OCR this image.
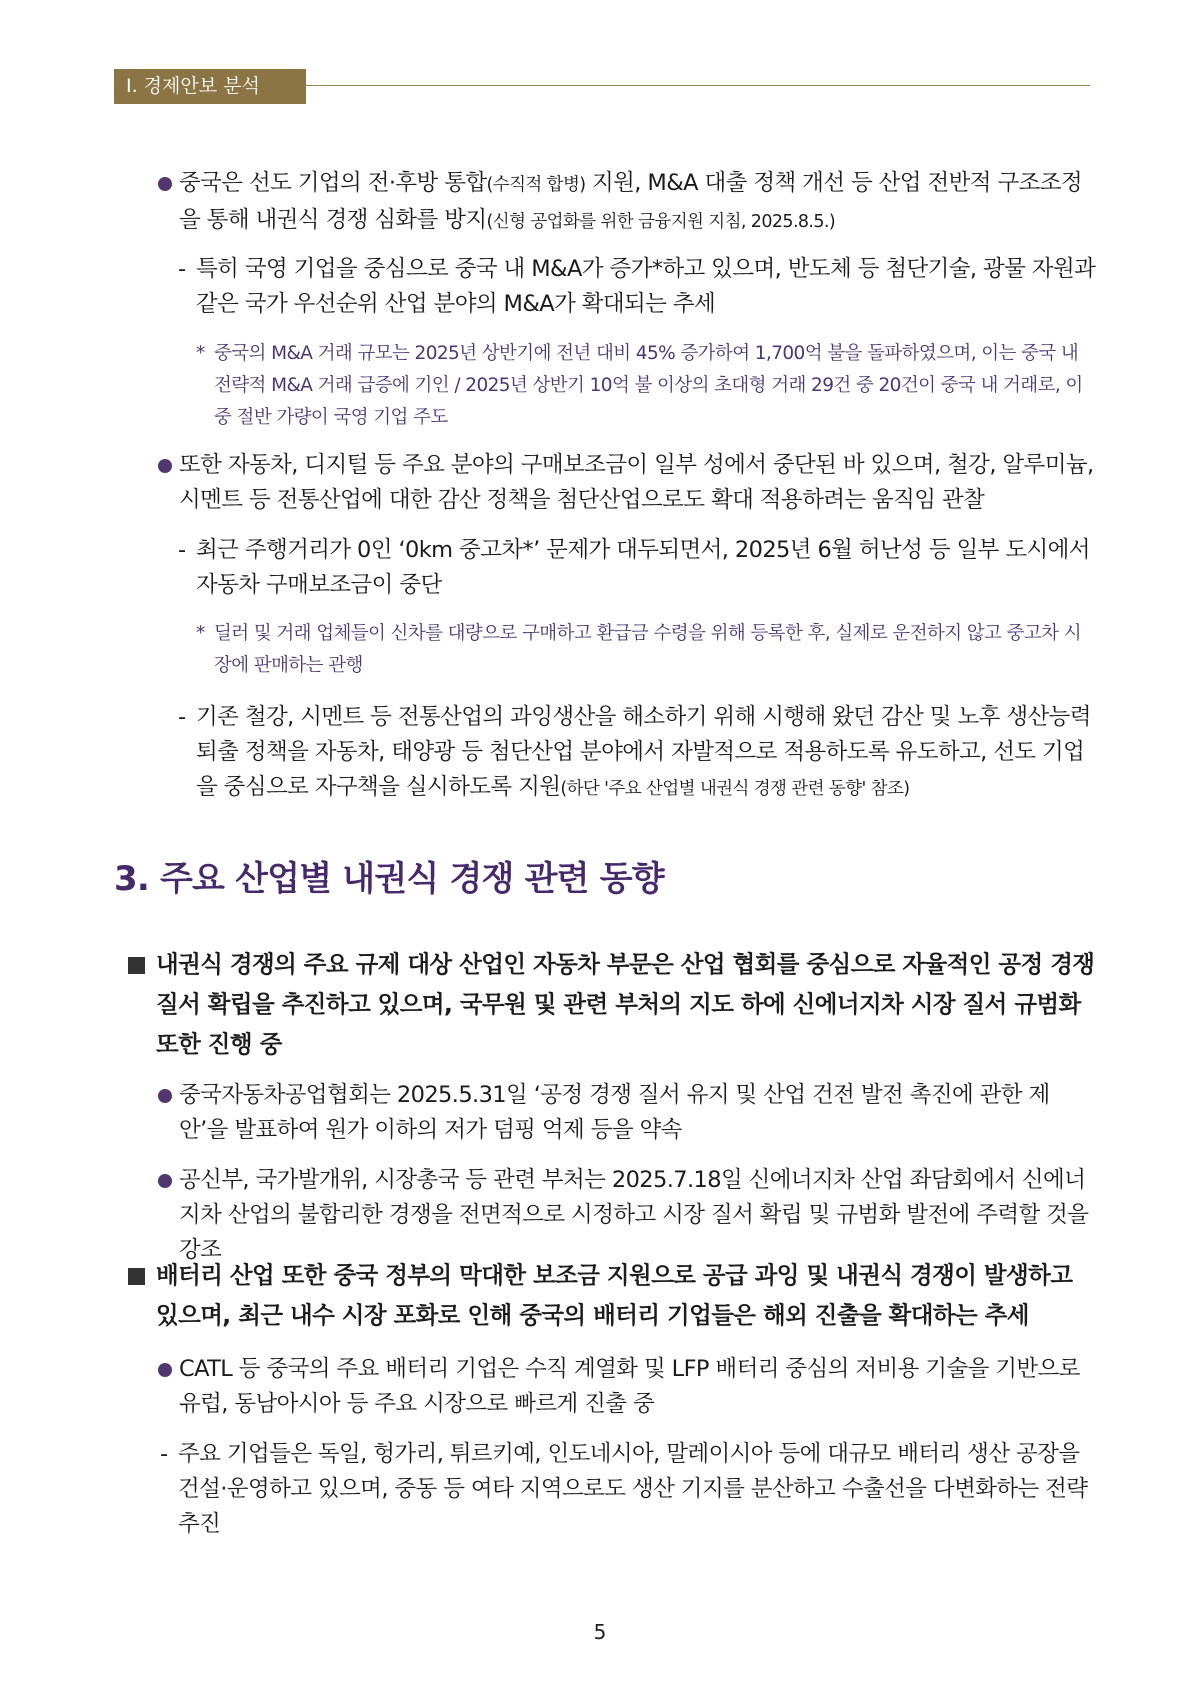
Ⅰ. 경제안보 분석
중국은 선도 기업의 전·후방 통합(수직적 합병) 지원, M&A 대출 정책 개선 등 산업 전반적 구조조정을 통해 내권식 경쟁 심화를 방지(신형 공업화를 위한 금융지원 지침, 2025.8.5.)
- 특히 국영 기업을 중심으로 중국 내 M&A가 증가*하고 있으며, 반도체 등 첨단기술, 광물 자원과 같은 국가 우선순위 산업 분야의 M&A가 확대되는 추세
* 중국의 M&A 거래 규모는 2025년 상반기에 전년 대비 45% 증가하여 1,700억 불을 돌파하였으며, 이는 중국 내 전략적 M&A 거래 급증에 기인 / 2025년 상반기 10억 불 이상의 초대형 거래 29건 중 20건이 중국 내 거래로, 이중 절반 가량이 국영 기업 주도
또한 자동차, 디지털 등 주요 분야의 구매보조금이 일부 성에서 중단된 바 있으며, 철강, 알루미늄, 시멘트 등 전통산업에 대한 감산 정책을 첨단산업으로도 확대 적용하려는 움직임 관찰
- 최근 주행거리가 0인 ‘0km 중고차*’ 문제가 대두되면서, 2025년 6월 허난성 등 일부 도시에서 자동차 구매보조금이 중단
* 딜러 및 거래 업체들이 신차를 대량으로 구매하고 환급금 수령을 위해 등록한 후, 실제로 운전하지 않고 중고차 시장에 판매하는 관행
- 기존 철강, 시멘트 등 전통산업의 과잉생산을 해소하기 위해 시행해 왔던 감산 및 노후 생산능력 퇴출 정책을 자동차, 태양광 등 첨단산업 분야에서 자발적으로 적용하도록 유도하고, 선도 기업을 중심으로 자구책을 실시하도록 지원(하단 '주요 산업별 내권식 경쟁 관련 동향' 참조)
3. 주요 산업별 내권식 경쟁 관련 동향
내권식 경쟁의 주요 규제 대상 산업인 자동차 부문은 산업 협회를 중심으로 자율적인 공정 경쟁 질서 확립을 추진하고 있으며, 국무원 및 관련 부처의 지도 하에 신에너지차 시장 질서 규범화 또한 진행 중
중국자동차공업협회는 2025.5.31일 ‘공정 경쟁 질서 유지 및 산업 건전 발전 촉진에 관한 제안’을 발표하여 원가 이하의 저가 덤핑 억제 등을 약속
공신부, 국가발개위, 시장총국 등 관련 부처는 2025.7.18일 신에너지차 산업 좌담회에서 신에너지차 산업의 불합리한 경쟁을 전면적으로 시정하고 시장 질서 확립 및 규범화 발전에 주력할 것을 강조
배터리 산업 또한 중국 정부의 막대한 보조금 지원으로 공급 과잉 및 내권식 경쟁이 발생하고 있으며, 최근 내수 시장 포화로 인해 중국의 배터리 기업들은 해외 진출을 확대하는 추세
CATL 등 중국의 주요 배터리 기업은 수직 계열화 및 LFP 배터리 중심의 저비용 기술을 기반으로 유럽, 동남아시아 등 주요 시장으로 빠르게 진출 중
- 주요 기업들은 독일, 헝가리, 튀르키예, 인도네시아, 말레이시아 등에 대규모 배터리 생산 공장을 건설·운영하고 있으며, 중동 등 여타 지역으로도 생산 기지를 분산하고 수출선을 다변화하는 전략 추진
5
